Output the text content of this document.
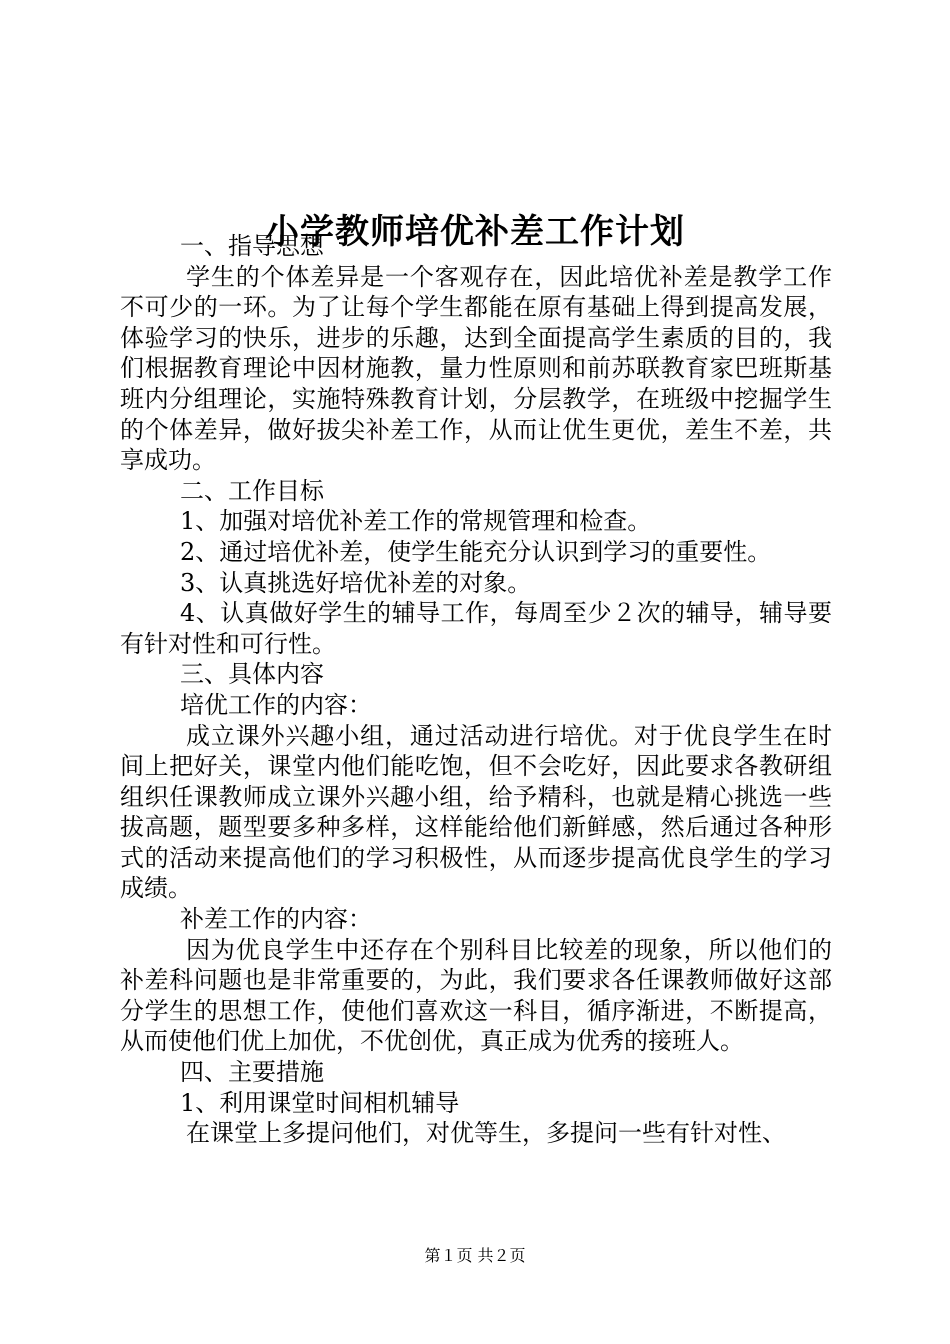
小学教师培优补差工作计划

一、指导思想

学生的个体差异是一个客观存在，因此培优补差是教学工作不可少的一环。为了让每个学生都能在原有基础上得到提高发展，体验学习的快乐，进步的乐趣，达到全面提高学生素质的目的，我们根据教育理论中因材施教，量力性原则和前苏联教育家巴班斯基班内分组理论，实施特殊教育计划，分层教学，在班级中挖掘学生的个体差异，做好拔尖补差工作，从而让优生更优，差生不差，共享成功。

二、工作目标

1、加强对培优补差工作的常规管理和检查。

2、通过培优补差，使学生能充分认识到学习的重要性。

3、认真挑选好培优补差的对象。

4、认真做好学生的辅导工作，每周至少２次的辅导，辅导要有针对性和可行性。

三、具体内容

培优工作的内容：

成立课外兴趣小组，通过活动进行培优。对于优良学生在时间上把好关，课堂内他们能吃饱，但不会吃好，因此要求各教研组组织任课教师成立课外兴趣小组，给予精科，也就是精心挑选一些拔高题，题型要多种多样，这样能给他们新鲜感，然后通过各种形式的活动来提高他们的学习积极性，从而逐步提高优良学生的学习成绩。

补差工作的内容：

因为优良学生中还存在个别科目比较差的现象，所以他们的补差科问题也是非常重要的，为此，我们要求各任课教师做好这部分学生的思想工作，使他们喜欢这一科目，循序渐进，不断提高，从而使他们优上加优，不优创优，真正成为优秀的接班人。

四、主要措施

1、利用课堂时间相机辅导

在课堂上多提问他们，对优等生，多提问一些有针对性、

第１页 共２页
